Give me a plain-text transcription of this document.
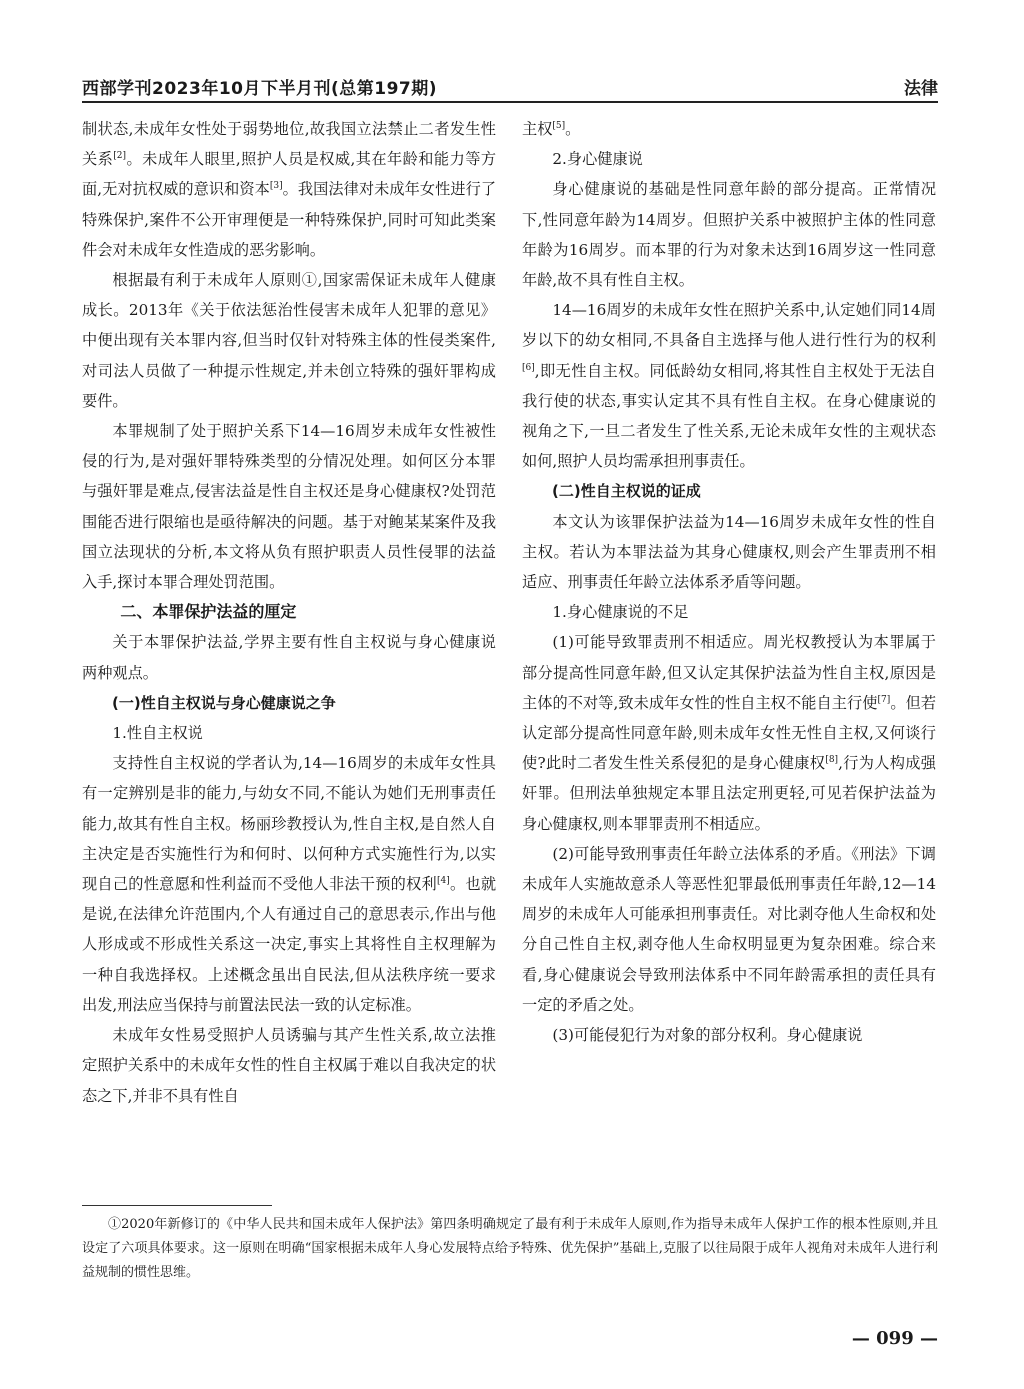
西部学刊2023年10月下半月刊(总第197期)	法律

制状态,未成年女性处于弱势地位,故我国立法禁止二者发生性关系[2]。未成年人眼里,照护人员是权威,其在年龄和能力等方面,无对抗权威的意识和资本[3]。我国法律对未成年女性进行了特殊保护,案件不公开审理便是一种特殊保护,同时可知此类案件会对未成年女性造成的恶劣影响。

根据最有利于未成年人原则①,国家需保证未成年人健康成长。2013年《关于依法惩治性侵害未成年人犯罪的意见》中便出现有关本罪内容,但当时仅针对特殊主体的性侵类案件,对司法人员做了一种提示性规定,并未创立特殊的强奸罪构成要件。

本罪规制了处于照护关系下14—16周岁未成年女性被性侵的行为,是对强奸罪特殊类型的分情况处理。如何区分本罪与强奸罪是难点,侵害法益是性自主权还是身心健康权?处罚范围能否进行限缩也是亟待解决的问题。基于对鲍某某案件及我国立法现状的分析,本文将从负有照护职责人员性侵罪的法益入手,探讨本罪合理处罚范围。

二、本罪保护法益的厘定

关于本罪保护法益,学界主要有性自主权说与身心健康说两种观点。

(一)性自主权说与身心健康说之争

1.性自主权说

支持性自主权说的学者认为,14—16周岁的未成年女性具有一定辨别是非的能力,与幼女不同,不能认为她们无刑事责任能力,故其有性自主权。杨丽珍教授认为,性自主权,是自然人自主决定是否实施性行为和何时、以何种方式实施性行为,以实现自己的性意愿和性利益而不受他人非法干预的权利[4]。也就是说,在法律允许范围内,个人有通过自己的意思表示,作出与他人形成或不形成性关系这一决定,事实上其将性自主权理解为一种自我选择权。上述概念虽出自民法,但从法秩序统一要求出发,刑法应当保持与前置法民法一致的认定标准。

未成年女性易受照护人员诱骗与其产生性关系,故立法推定照护关系中的未成年女性的性自主权属于难以自我决定的状态之下,并非不具有性自

主权[5]。

2.身心健康说

身心健康说的基础是性同意年龄的部分提高。正常情况下,性同意年龄为14周岁。但照护关系中被照护主体的性同意年龄为16周岁。而本罪的行为对象未达到16周岁这一性同意年龄,故不具有性自主权。

14—16周岁的未成年女性在照护关系中,认定她们同14周岁以下的幼女相同,不具备自主选择与他人进行性行为的权利[6],即无性自主权。同低龄幼女相同,将其性自主权处于无法自我行使的状态,事实认定其不具有性自主权。在身心健康说的视角之下,一旦二者发生了性关系,无论未成年女性的主观状态如何,照护人员均需承担刑事责任。

(二)性自主权说的证成

本文认为该罪保护法益为14—16周岁未成年女性的性自主权。若认为本罪法益为其身心健康权,则会产生罪责刑不相适应、刑事责任年龄立法体系矛盾等问题。

1.身心健康说的不足

(1)可能导致罪责刑不相适应。周光权教授认为本罪属于部分提高性同意年龄,但又认定其保护法益为性自主权,原因是主体的不对等,致未成年女性的性自主权不能自主行使[7]。但若认定部分提高性同意年龄,则未成年女性无性自主权,又何谈行使?此时二者发生性关系侵犯的是身心健康权[8],行为人构成强奸罪。但刑法单独规定本罪且法定刑更轻,可见若保护法益为身心健康权,则本罪罪责刑不相适应。

(2)可能导致刑事责任年龄立法体系的矛盾。《刑法》下调未成年人实施故意杀人等恶性犯罪最低刑事责任年龄,12—14周岁的未成年人可能承担刑事责任。对比剥夺他人生命权和处分自己性自主权,剥夺他人生命权明显更为复杂困难。综合来看,身心健康说会导致刑法体系中不同年龄需承担的责任具有一定的矛盾之处。

(3)可能侵犯行为对象的部分权利。身心健康说

①2020年新修订的《中华人民共和国未成年人保护法》第四条明确规定了最有利于未成年人原则,作为指导未成年人保护工作的根本性原则,并且设定了六项具体要求。这一原则在明确“国家根据未成年人身心发展特点给予特殊、优先保护”基础上,克服了以往局限于成年人视角对未成年人进行利益规制的惯性思维。
— 099 —
